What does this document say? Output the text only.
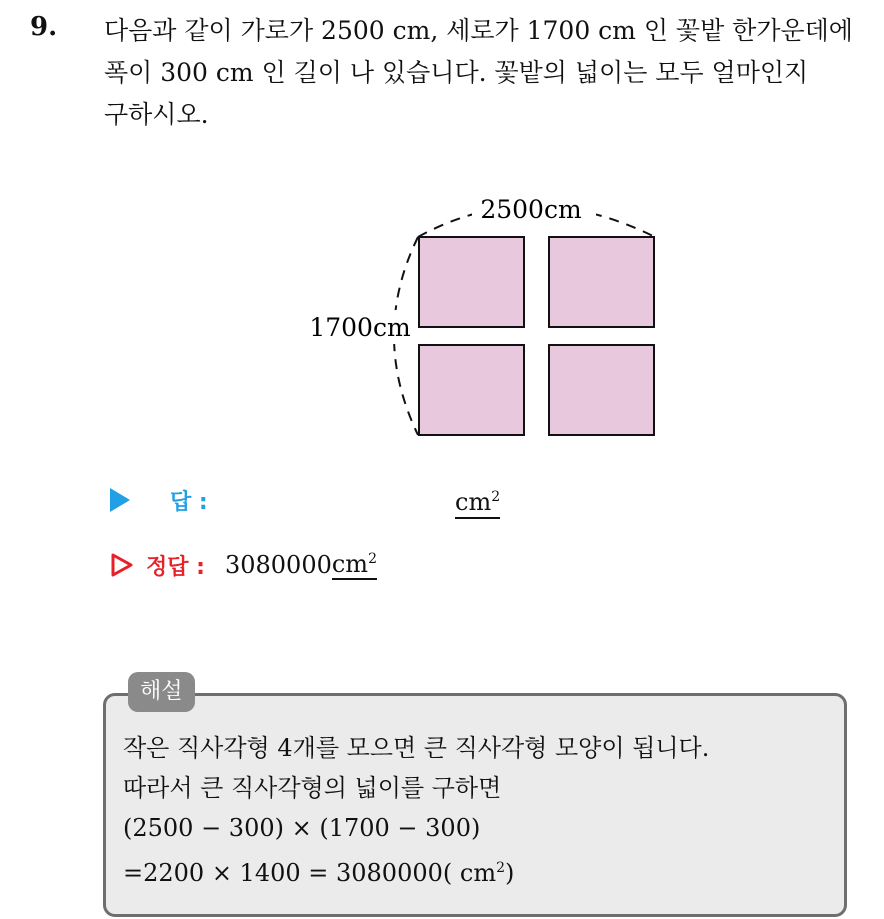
9. 다음과 같이 가로가 2500 cm, 세로가 1700 cm 인 꽃밭 한가운데에
폭이 300 cm 인 길이 나 있습니다. 꽃밭의 넓이는 모두 얼마인지
구하시오.
2500cm
1700cm
답 :	$cm^2$
정답 : 3080000 $cm^2$
해설
작은 직사각형 4개를 모으면 큰 직사각형 모양이 됩니다.
따라서 큰 직사각형의 넓이를 구하면
(2500 − 300) × (1700 − 300)
=2200 × 1400 = 3080000( $cm^2$)
